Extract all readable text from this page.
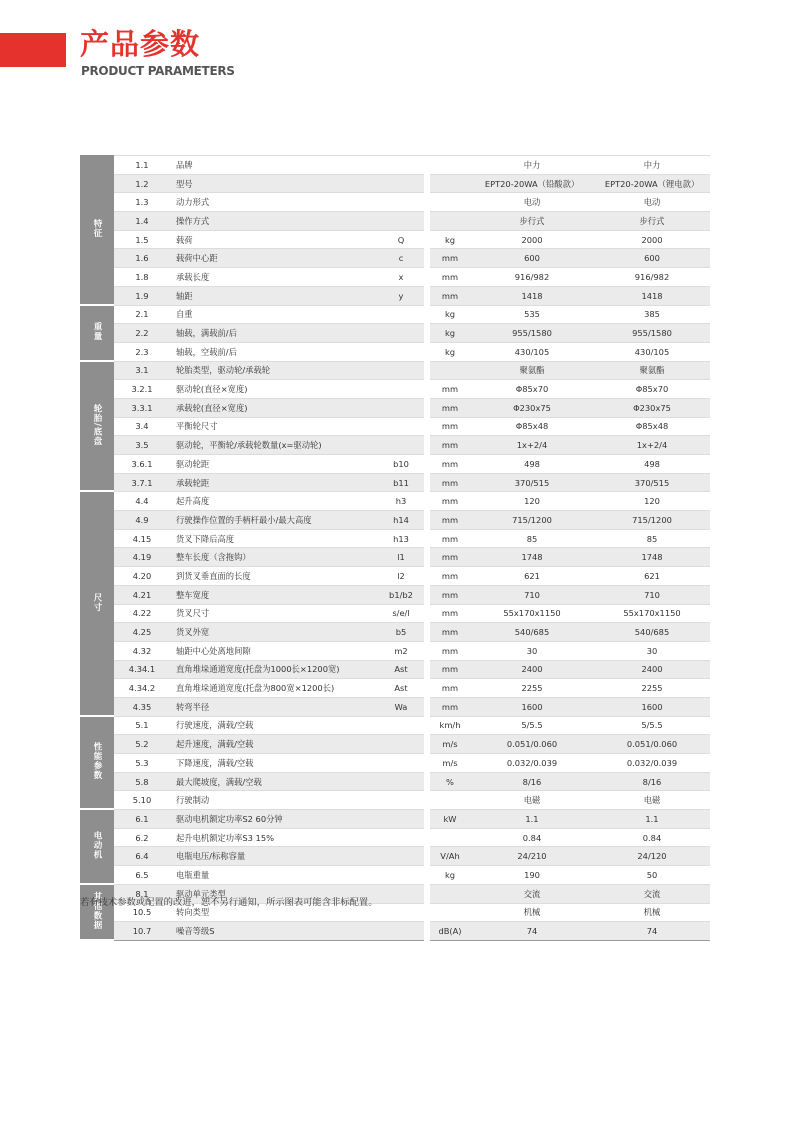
产品参数
PRODUCT PARAMETERS
特征	1.1	品牌				中力	中力
	1.2	型号				EPT20-20WA（铅酸款）	EPT20-20WA（锂电款）
	1.3	动力形式				电动	电动
	1.4	操作方式				步行式	步行式
	1.5	载荷	Q		kg	2000	2000
	1.6	载荷中心距	c		mm	600	600
	1.8	承载长度	x		mm	916/982	916/982
	1.9	轴距	y		mm	1418	1418
重量	2.1	自重			kg	535	385
	2.2	轴载，满载前/后			kg	955/1580	955/1580
	2.3	轴载，空载前/后			kg	430/105	430/105
轮胎/底盘	3.1	轮胎类型，驱动轮/承载轮				聚氨酯	聚氨酯
	3.2.1	驱动轮(直径×宽度)			mm	Φ85x70	Φ85x70
	3.3.1	承载轮(直径×宽度)			mm	Φ230x75	Φ230x75
	3.4	平衡轮尺寸			mm	Φ85x48	Φ85x48
	3.5	驱动轮，平衡轮/承载轮数量(x=驱动轮)			mm	1x+2/4	1x+2/4
	3.6.1	驱动轮距	b10		mm	498	498
	3.7.1	承载轮距	b11		mm	370/515	370/515
尺寸	4.4	起升高度	h3		mm	120	120
	4.9	行驶操作位置的手柄杆最小/最大高度	h14		mm	715/1200	715/1200
	4.15	货叉下降后高度	h13		mm	85	85
	4.19	整车长度（含拖钩）	l1		mm	1748	1748
	4.20	到货叉垂直面的长度	l2		mm	621	621
	4.21	整车宽度	b1/b2		mm	710	710
	4.22	货叉尺寸	s/e/l		mm	55x170x1150	55x170x1150
	4.25	货叉外宽	b5		mm	540/685	540/685
	4.32	轴距中心处离地间隙	m2		mm	30	30
	4.34.1	直角堆垛通道宽度(托盘为1000长×1200宽)	Ast		mm	2400	2400
	4.34.2	直角堆垛通道宽度(托盘为800宽×1200长)	Ast		mm	2255	2255
	4.35	转弯半径	Wa		mm	1600	1600
性能参数	5.1	行驶速度，满载/空载			km/h	5/5.5	5/5.5
	5.2	起升速度，满载/空载			m/s	0.051/0.060	0.051/0.060
	5.3	下降速度，满载/空载			m/s	0.032/0.039	0.032/0.039
	5.8	最大爬坡度，满载/空载			%	8/16	8/16
	5.10	行驶制动				电磁	电磁
电动机	6.1	驱动电机额定功率S2 60分钟			kW	1.1	1.1
	6.2	起升电机额定功率S3 15%				0.84	0.84
	6.4	电瓶电压/标称容量			V/Ah	24/210	24/120
	6.5	电瓶重量			kg	190	50
其他数据	8.1	驱动单元类型				交流	交流
	10.5	转向类型				机械	机械
	10.7	噪音等级S			dB(A)	74	74
若有技术参数或配置的改进，恕不另行通知，所示图表可能含非标配置。
